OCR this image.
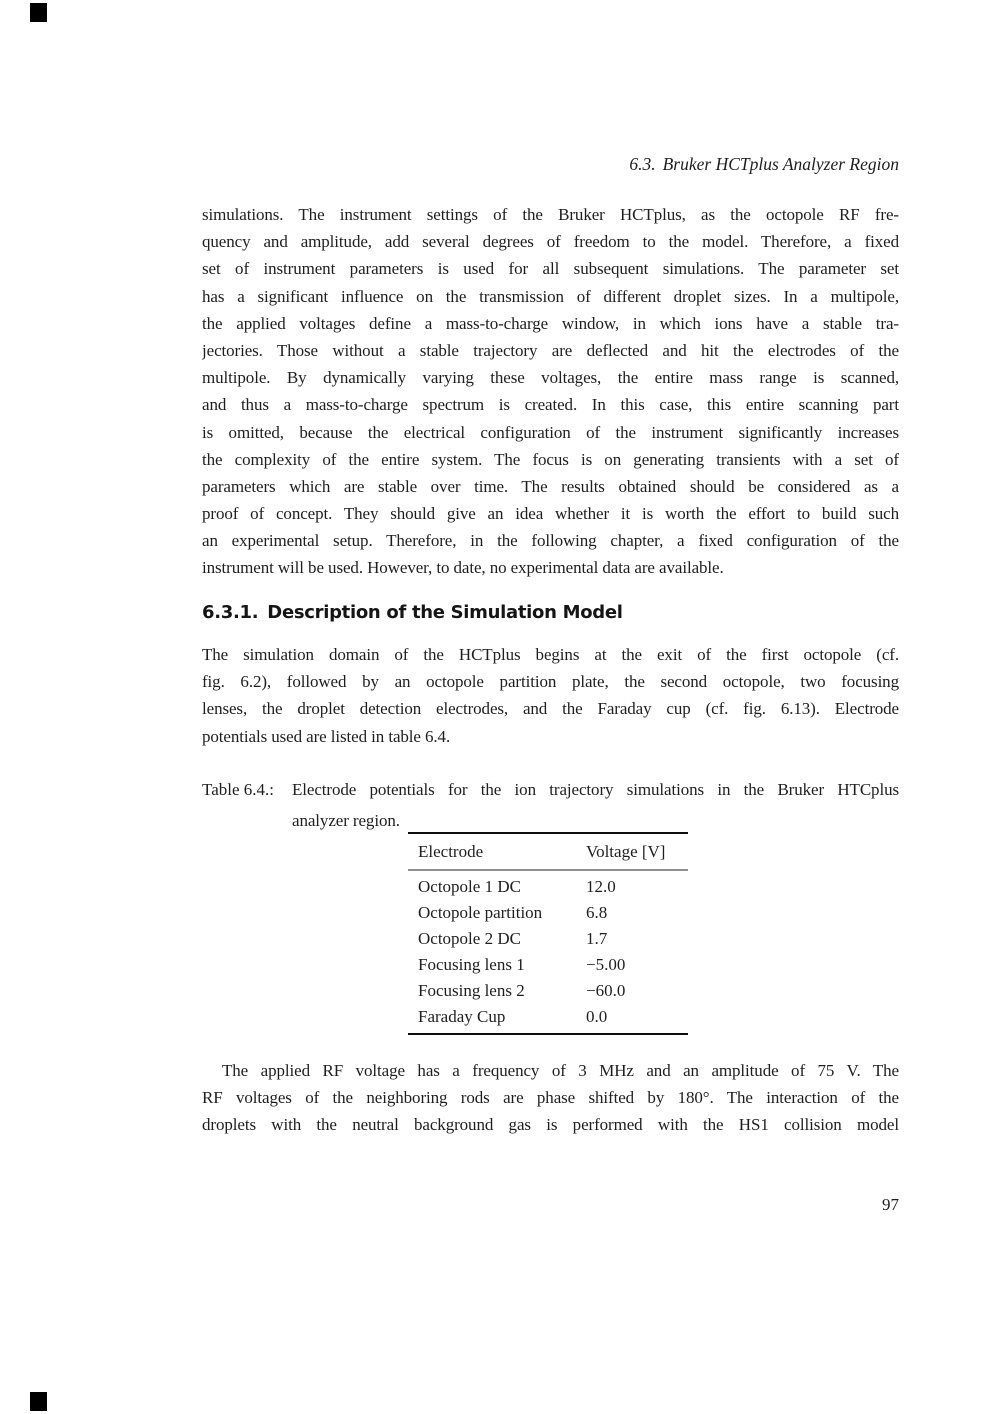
6.3. Bruker HCTplus Analyzer Region
simulations. The instrument settings of the Bruker HCTplus, as the octopole RF fre-
quency and amplitude, add several degrees of freedom to the model. Therefore, a fixed
set of instrument parameters is used for all subsequent simulations. The parameter set
has a significant influence on the transmission of different droplet sizes. In a multipole,
the applied voltages define a mass-to-charge window, in which ions have a stable tra-
jectories. Those without a stable trajectory are deflected and hit the electrodes of the
multipole. By dynamically varying these voltages, the entire mass range is scanned,
and thus a mass-to-charge spectrum is created. In this case, this entire scanning part
is omitted, because the electrical configuration of the instrument significantly increases
the complexity of the entire system. The focus is on generating transients with a set of
parameters which are stable over time. The results obtained should be considered as a
proof of concept. They should give an idea whether it is worth the effort to build such
an experimental setup. Therefore, in the following chapter, a fixed configuration of the
instrument will be used. However, to date, no experimental data are available.
6.3.1. Description of the Simulation Model
The simulation domain of the HCTplus begins at the exit of the first octopole (cf.
fig. 6.2), followed by an octopole partition plate, the second octopole, two focusing
lenses, the droplet detection electrodes, and the Faraday cup (cf. fig. 6.13). Electrode
potentials used are listed in table 6.4.
Table 6.4.:	Electrode potentials for the ion trajectory simulations in the Bruker HTCplus
analyzer region.
Electrode	Voltage [V]
Octopole 1 DC	12.0
Octopole partition	6.8
Octopole 2 DC	1.7
Focusing lens 1	−5.00
Focusing lens 2	−60.0
Faraday Cup	0.0
The applied RF voltage has a frequency of 3 MHz and an amplitude of 75 V. The
RF voltages of the neighboring rods are phase shifted by 180°. The interaction of the
droplets with the neutral background gas is performed with the HS1 collision model
97
